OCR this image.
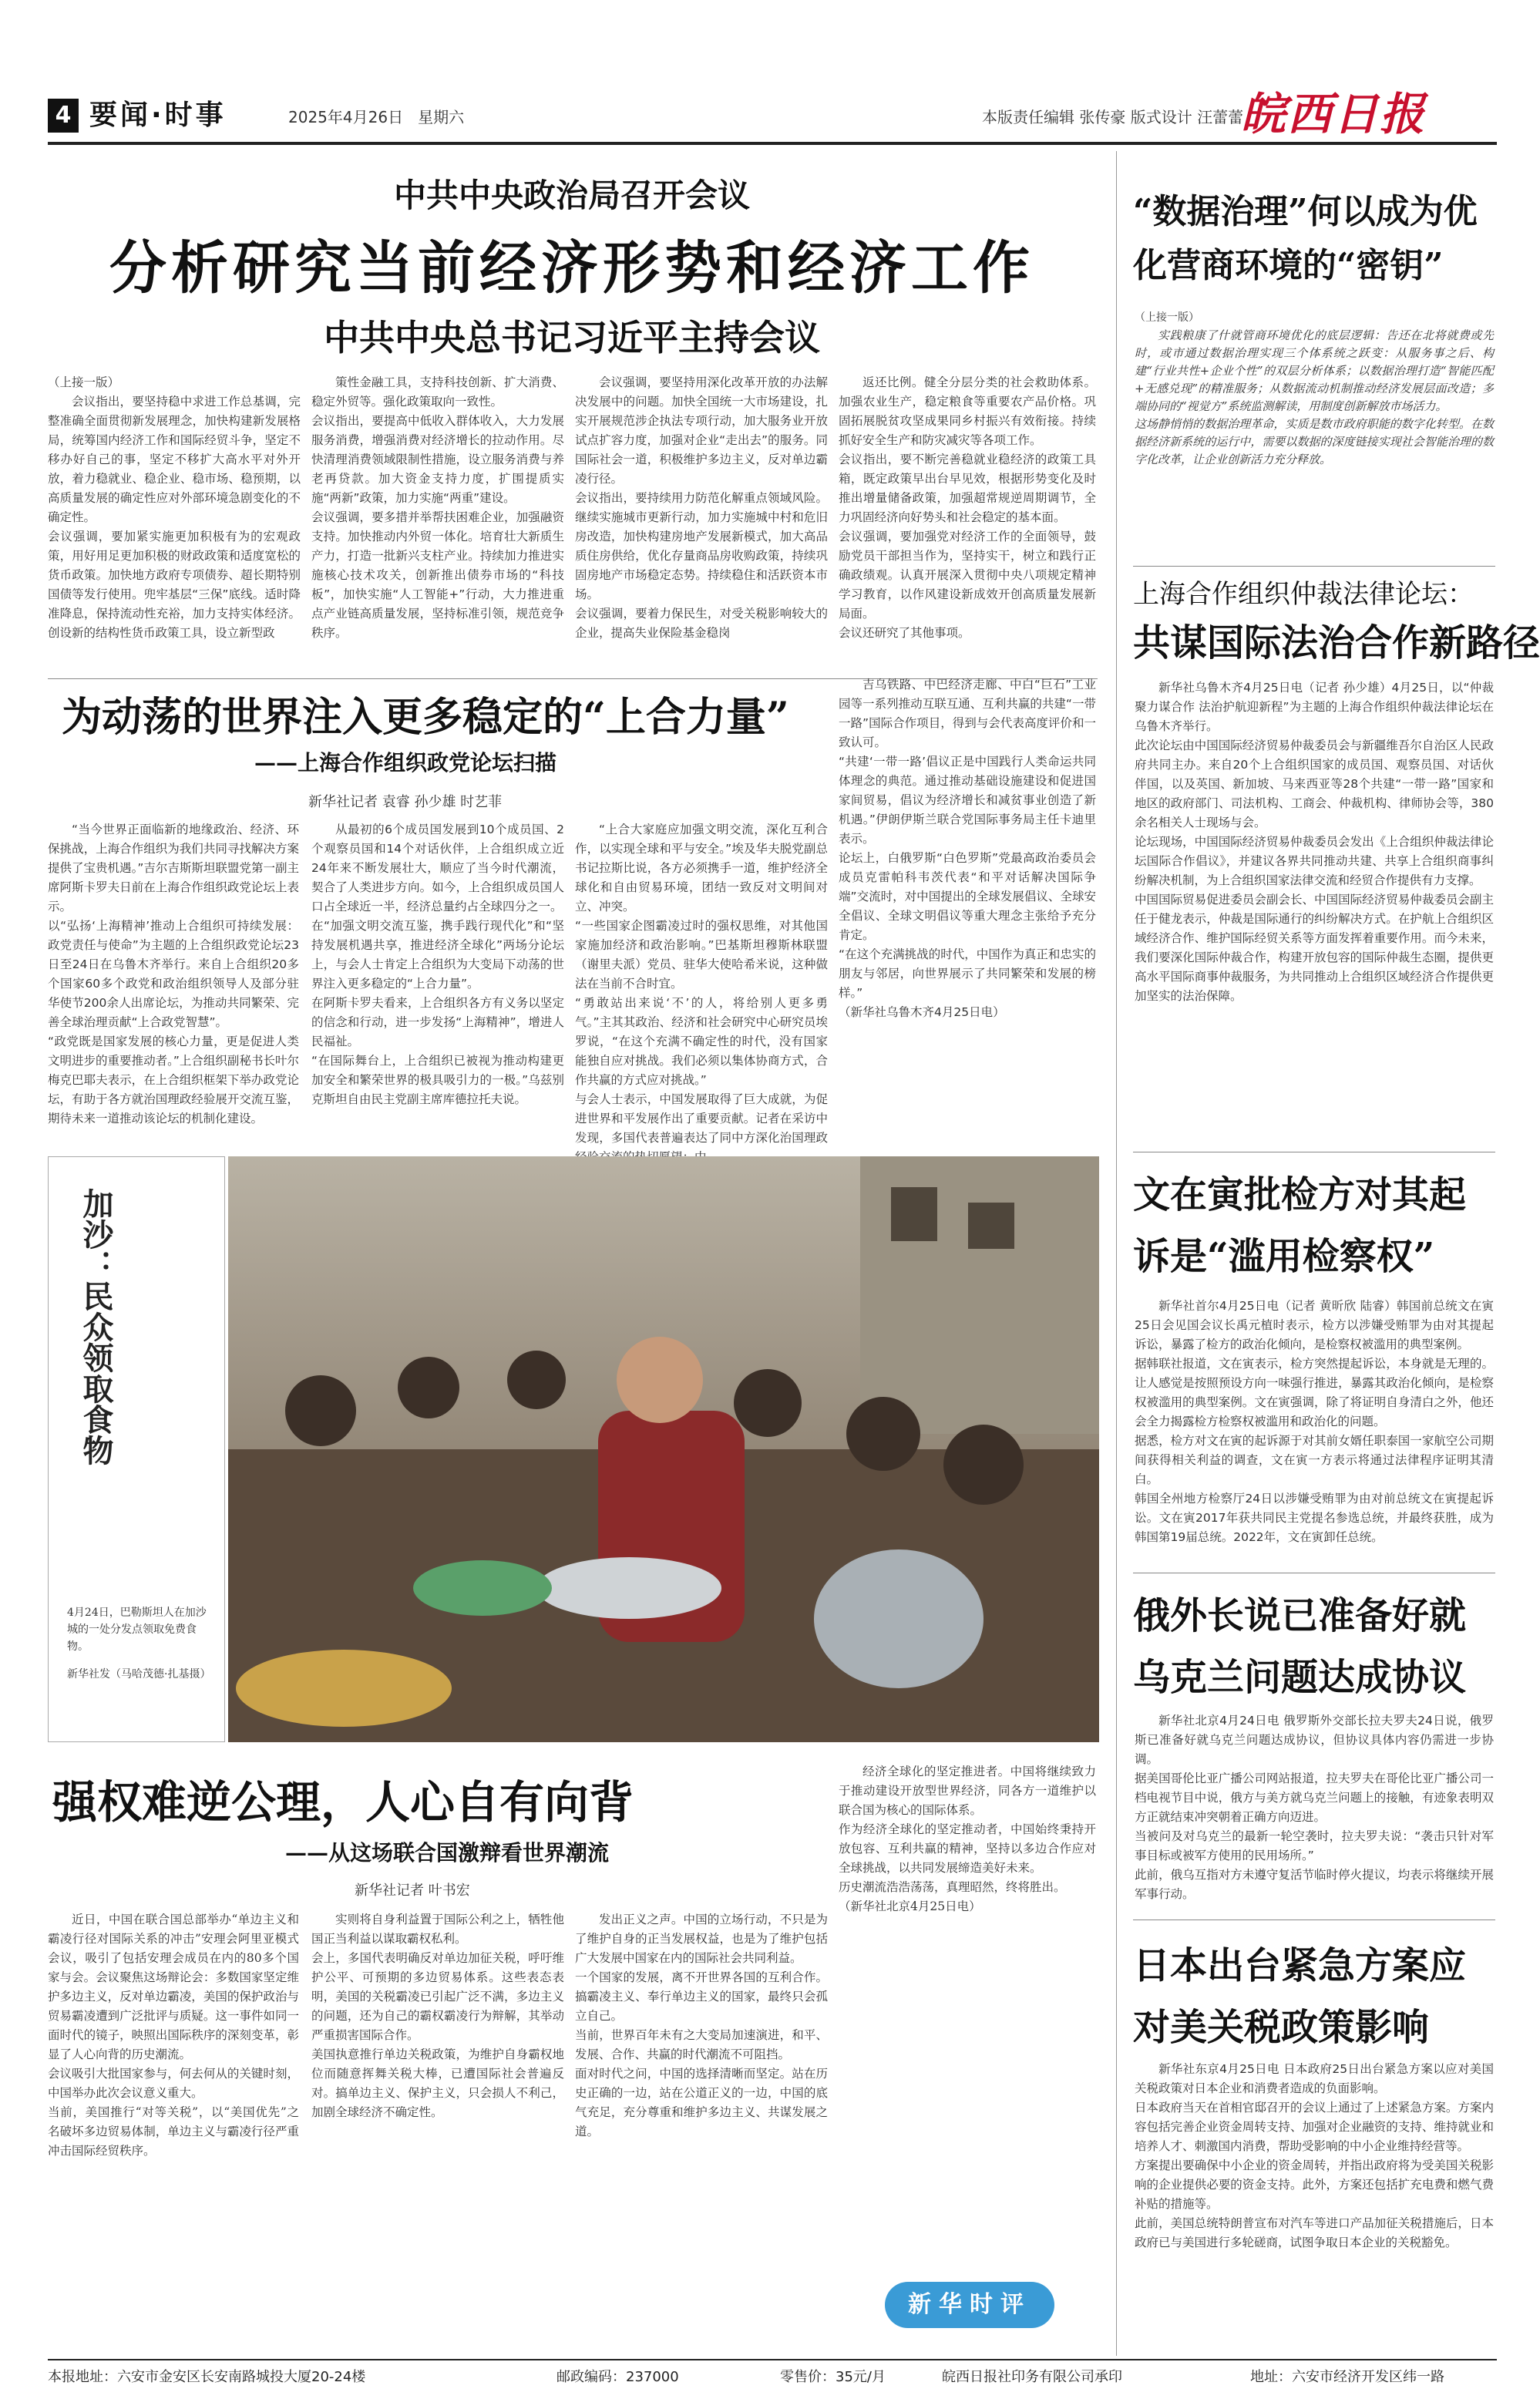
4 要闻·时事	2025年4月26日 星期六	本版责任编辑 张传豪 版式设计 汪蕾蕾
皖西日报
中共中央政治局召开会议
分析研究当前经济形势和经济工作
中共中央总书记习近平主持会议

（上接一版）

会议指出，要坚持稳中求进工作总基调，完整准确全面贯彻新发展理念，加快构建新发展格局，统筹国内经济工作和国际经贸斗争，坚定不移办好自己的事，坚定不移扩大高水平对外开放，着力稳就业、稳企业、稳市场、稳预期，以高质量发展的确定性应对外部环境急剧变化的不确定性。
会议强调，要加紧实施更加积极有为的宏观政策，用好用足更加积极的财政政策和适度宽松的货币政策。加快地方政府专项债券、超长期特别国债等发行使用。兜牢基层“三保”底线。适时降准降息，保持流动性充裕，加力支持实体经济。创设新的结构性货币政策工具，设立新型政
策性金融工具，支持科技创新、扩大消费、稳定外贸等。强化政策取向一致性。
会议指出，要提高中低收入群体收入，大力发展服务消费，增强消费对经济增长的拉动作用。尽快清理消费领域限制性措施，设立服务消费与养老再贷款。加大资金支持力度，扩围提质实施“两新”政策，加力实施“两重”建设。
会议强调，要多措并举帮扶困难企业，加强融资支持。加快推动内外贸一体化。培育壮大新质生产力，打造一批新兴支柱产业。持续加力推进实施核心技术攻关，创新推出债券市场的“科技板”，加快实施“人工智能+”行动，大力推进重点产业链高质量发展，坚持标准引领，规范竞争秩序。
会议强调，要坚持用深化改革开放的办法解决发展中的问题。加快全国统一大市场建设，扎实开展规范涉企执法专项行动，加大服务业开放试点扩容力度，加强对企业“走出去”的服务。同国际社会一道，积极维护多边主义，反对单边霸凌行径。
会议指出，要持续用力防范化解重点领域风险。继续实施城市更新行动，加力实施城中村和危旧房改造，加快构建房地产发展新模式，加大高品质住房供给，优化存量商品房收购政策，持续巩固房地产市场稳定态势。持续稳住和活跃资本市场。
会议强调，要着力保民生，对受关税影响较大的企业，提高失业保险基金稳岗
返还比例。健全分层分类的社会救助体系。加强农业生产，稳定粮食等重要农产品价格。巩固拓展脱贫攻坚成果同乡村振兴有效衔接。持续抓好安全生产和防灾减灾等各项工作。
会议指出，要不断完善稳就业稳经济的政策工具箱，既定政策早出台早见效，根据形势变化及时推出增量储备政策，加强超常规逆周期调节，全力巩固经济向好势头和社会稳定的基本面。
会议强调，要加强党对经济工作的全面领导，鼓励党员干部担当作为，坚持实干，树立和践行正确政绩观。认真开展深入贯彻中央八项规定精神学习教育，以作风建设新成效开创高质量发展新局面。
会议还研究了其他事项。
为动荡的世界注入更多稳定的“上合力量”
——上海合作组织政党论坛扫描
新华社记者 袁睿 孙少雄 时艺菲
“当今世界正面临新的地缘政治、经济、环保挑战，上海合作组织为我们共同寻找解决方案提供了宝贵机遇。”吉尔吉斯斯坦联盟党第一副主席阿斯卡罗夫日前在上海合作组织政党论坛上表示。
以“弘扬‘上海精神’推动上合组织可持续发展：政党责任与使命”为主题的上合组织政党论坛23日至24日在乌鲁木齐举行。来自上合组织20多个国家60多个政党和政治组织领导人及部分驻华使节200余人出席论坛，为推动共同繁荣、完善全球治理贡献“上合政党智慧”。
“政党既是国家发展的核心力量，更是促进人类文明进步的重要推动者。”上合组织副秘书长叶尔梅克巴耶夫表示，在上合组织框架下举办政党论坛，有助于各方就治国理政经验展开交流互鉴，期待未来一道推动该论坛的机制化建设。
从最初的6个成员国发展到10个成员国、2个观察员国和14个对话伙伴，上合组织成立近24年来不断发展壮大，顺应了当今时代潮流，契合了人类进步方向。如今，上合组织成员国人口占全球近一半，经济总量约占全球四分之一。
在“加强文明交流互鉴，携手践行现代化”和“坚持发展机遇共享，推进经济全球化”两场分论坛上，与会人士肯定上合组织为大变局下动荡的世界注入更多稳定的“上合力量”。
在阿斯卡罗夫看来，上合组织各方有义务以坚定的信念和行动，进一步发扬“上海精神”，增进人民福祉。
“在国际舞台上，上合组织已被视为推动构建更加安全和繁荣世界的极具吸引力的一极。”乌兹别克斯坦自由民主党副主席库德拉托夫说。
“上合大家庭应加强文明交流，深化互利合作，以实现全球和平与安全。”埃及华夫脱党副总书记拉斯比说，各方必须携手一道，维护经济全球化和自由贸易环境，团结一致反对文明间对立、冲突。
“一些国家企图霸凌过时的强权思维，对其他国家施加经济和政治影响。”巴基斯坦穆斯林联盟（谢里夫派）党员、驻华大使哈希米说，这种做法在当前不合时宜。
“勇敢站出来说‘不’的人，将给别人更多勇气。”主其其政治、经济和社会研究中心研究员埃罗说，“在这个充满不确定性的时代，没有国家能独自应对挑战。我们必须以集体协商方式，合作共赢的方式应对挑战。”
与会人士表示，中国发展取得了巨大成就，为促进世界和平发展作出了重要贡献。记者在采访中发现，多国代表普遍表达了同中方深化治国理政
吉乌铁路、中巴经济走廊、中白“巨石”工业园等一系列推动互联互通、互利共赢的共建“一带一路”国际合作项目，得到与会代表高度评价和一致认可。
“共建‘一带一路’倡议正是中国践行人类命运共同体理念的典范。通过推动基础设施建设和促进国家间贸易，倡议为经济增长和减贫事业创造了新机遇。”伊朗伊斯兰联合党国际事务局主任卡迪里表示。
论坛上，白俄罗斯“白色罗斯”党最高政治委员会成员克雷帕科韦茨代表“和平对话解决国际争端”交流时，对中国提出的全球发展倡议、全球安全倡议、全球文明倡议等重大理念主张给予充分肯定。
“在这个充满挑战的时代，中国作为真正和忠实的朋友与邻居，向世界展示了共同繁荣和发展的榜样。”
（新华社乌鲁木齐4月25日电）
加沙：民众领取食物
4月24日，巴勒斯坦人在加沙城的一处分发点领取免费食物。
新华社发（马哈茂德·扎基摄）
强权难逆公理，人心自有向背
——从这场联合国激辩看世界潮流
新华社记者 叶书宏
近日，中国在联合国总部举办“单边主义和霸凌行径对国际关系的冲击”安理会阿里亚模式会议，吸引了包括安理会成员在内的80多个国家与会。会议聚焦这场辩论会：多数国家坚定维护多边主义，反对单边霸凌，美国的保护政治与贸易霸凌遭到广泛批评与质疑。这一事件如同一面时代的镜子，映照出国际秩序的深刻变革，彰显了人心向背的历史潮流。
会议吸引大批国家参与，何去何从的关键时刻，中国举办此次会议意义重大。
当前，美国推行“对等关税”，以“美国优先”之名破坏多边贸易体制，单边主义与霸凌行径严重冲击国际经贸秩序。
实则将自身利益置于国际公利之上，牺牲他国正当利益以谋取霸权私利。
会上，多国代表明确反对单边加征关税，呼吁维护公平、可预期的多边贸易体系。这些表态表明，美国的关税霸凌已引起广泛不满，多边主义的问题，还为自己的霸权霸凌行为辩解，其举动严重损害国际合作。
美国执意推行单边关税政策，为维护自身霸权地位而随意挥舞关税大棒，已遭国际社会普遍反对。搞单边主义、保护主义，只会损人不利己，加剧全球经济不确定性。
发出正义之声。中国的立场行动，不只是为了维护自身的正当发展权益，也是为了维护包括广大发展中国家在内的国际社会共同利益。
一个国家的发展，离不开世界各国的互利合作。搞霸凌主义、奉行单边主义的国家，最终只会孤立自己。
当前，世界百年未有之大变局加速演进，和平、发展、合作、共赢的时代潮流不可阻挡。
面对时代之问，中国的选择清晰而坚定。站在历史正确的一边，站在公道正义的一边，中国的底气充足，充分尊重和维护多边主义、共谋发展之道。
经济全球化的坚定推进者。中国将继续致力于推动建设开放型世界经济，同各方一道维护以联合国为核心的国际体系。
作为经济全球化的坚定推动者，中国始终秉持开放包容、互利共赢的精神，坚持以多边合作应对全球挑战，以共同发展缔造美好未来。
历史潮流浩浩荡荡，真理昭然，终将胜出。
（新华社北京4月25日电）
新华时评
“数据治理”何以成为优化营商环境的“密钥”
（上接一版）
实践粮康了什就管商环境优化的底层逻辑：告还在北将就费或先时，或市通过数据治理实现三个体系统之跃变：从服务事之后、构建“行业共性+企业个性”的双层分析体系；以数据治理打造“智能匹配+无感兑现”的精准服务；从数据流动机制推动经济发展层面改造；多端协同的“视觉方”系统监测解读，用制度创新解放市场活力。
这场静悄悄的数据治理革命，实质是数市政府职能的数字化转型。在数据经济新系统的运行中，需要以数据的深度链接实现社会智能治理的数字化改革，让企业创新活力充分释放。
上海合作组织仲裁法律论坛：
共谋国际法治合作新路径
新华社乌鲁木齐4月25日电（记者 孙少雄）4月25日，以“仲裁聚力谋合作 法治护航迎新程”为主题的上海合作组织仲裁法律论坛在乌鲁木齐举行。
此次论坛由中国国际经济贸易仲裁委员会与新疆维吾尔自治区人民政府共同主办。来自20个上合组织国家的成员国、观察员国、对话伙伴国，以及英国、新加坡、马来西亚等28个共建“一带一路”国家和地区的政府部门、司法机构、工商会、仲裁机构、律师协会等，380余名相关人士现场与会。
论坛现场，中国国际经济贸易仲裁委员会发出《上合组织仲裁法律论坛国际合作倡议》，并建议各界共同推动共建、共享上合组织商事纠纷解决机制，为上合组织国家法律交流和经贸合作提供有力支撑。
中国国际贸易促进委员会副会长、中国国际经济贸易仲裁委员会副主任于健龙表示，仲裁是国际通行的纠纷解决方式。在护航上合组织区域经济合作、维护国际经贸关系等方面发挥着重要作用。而今未来，我们要深化国际仲裁合作，构建开放包容的国际仲裁生态圈，提供更高水平国际商事仲裁服务，为共同推动上合组织区域经济合作提供更加坚实的法治保障。
文在寅批检方对其起诉是“滥用检察权”
新华社首尔4月25日电（记者 黄昕欣 陆睿）韩国前总统文在寅25日会见国会议长禹元植时表示，检方以涉嫌受贿罪为由对其提起诉讼，暴露了检方的政治化倾向，是检察权被滥用的典型案例。
据韩联社报道，文在寅表示，检方突然提起诉讼，本身就是无理的。让人感觉是按照预设方向一味强行推进，暴露其政治化倾向，是检察权被滥用的典型案例。文在寅强调，除了将证明自身清白之外，他还会全力揭露检方检察权被滥用和政治化的问题。
据悉，检方对文在寅的起诉源于对其前女婿任职泰国一家航空公司期间获得相关利益的调查，文在寅一方表示将通过法律程序证明其清白。
韩国全州地方检察厅24日以涉嫌受贿罪为由对前总统文在寅提起诉讼。文在寅2017年获共同民主党提名参选总统，并最终获胜，成为韩国第19届总统。2022年，文在寅卸任总统。
俄外长说已准备好就乌克兰问题达成协议
新华社北京4月24日电 俄罗斯外交部长拉夫罗夫24日说，俄罗斯已准备好就乌克兰问题达成协议，但协议具体内容仍需进一步协调。
据美国哥伦比亚广播公司网站报道，拉夫罗夫在哥伦比亚广播公司一档电视节目中说，俄方与美方就乌克兰问题上的接触，有迹象表明双方正就结束冲突朝着正确方向迈进。
当被问及对乌克兰的最新一轮空袭时，拉夫罗夫说：“袭击只针对军事目标或被军方使用的民用场所。”
此前，俄乌互指对方未遵守复活节临时停火提议，均表示将继续开展军事行动。
日本出台紧急方案应对美关税政策影响
新华社东京4月25日电 日本政府25日出台紧急方案以应对美国关税政策对日本企业和消费者造成的负面影响。
日本政府当天在首相官邸召开的会议上通过了上述紧急方案。方案内容包括完善企业资金周转支持、加强对企业融资的支持、维持就业和培养人才、刺激国内消费，帮助受影响的中小企业维持经营等。
方案提出要确保中小企业的资金周转，并指出政府将为受美国关税影响的企业提供必要的资金支持。此外，方案还包括扩充电费和燃气费补贴的措施等。
此前，美国总统特朗普宣布对汽车等进口产品加征关税措施后，日本政府已与美国进行多轮磋商，试图争取日本企业的关税豁免。
本报地址：六安市金安区长安南路城投大厦20-24楼	邮政编码：237000	零售价：35元/月	皖西日报社印务有限公司承印	地址：六安市经济开发区纬一路
